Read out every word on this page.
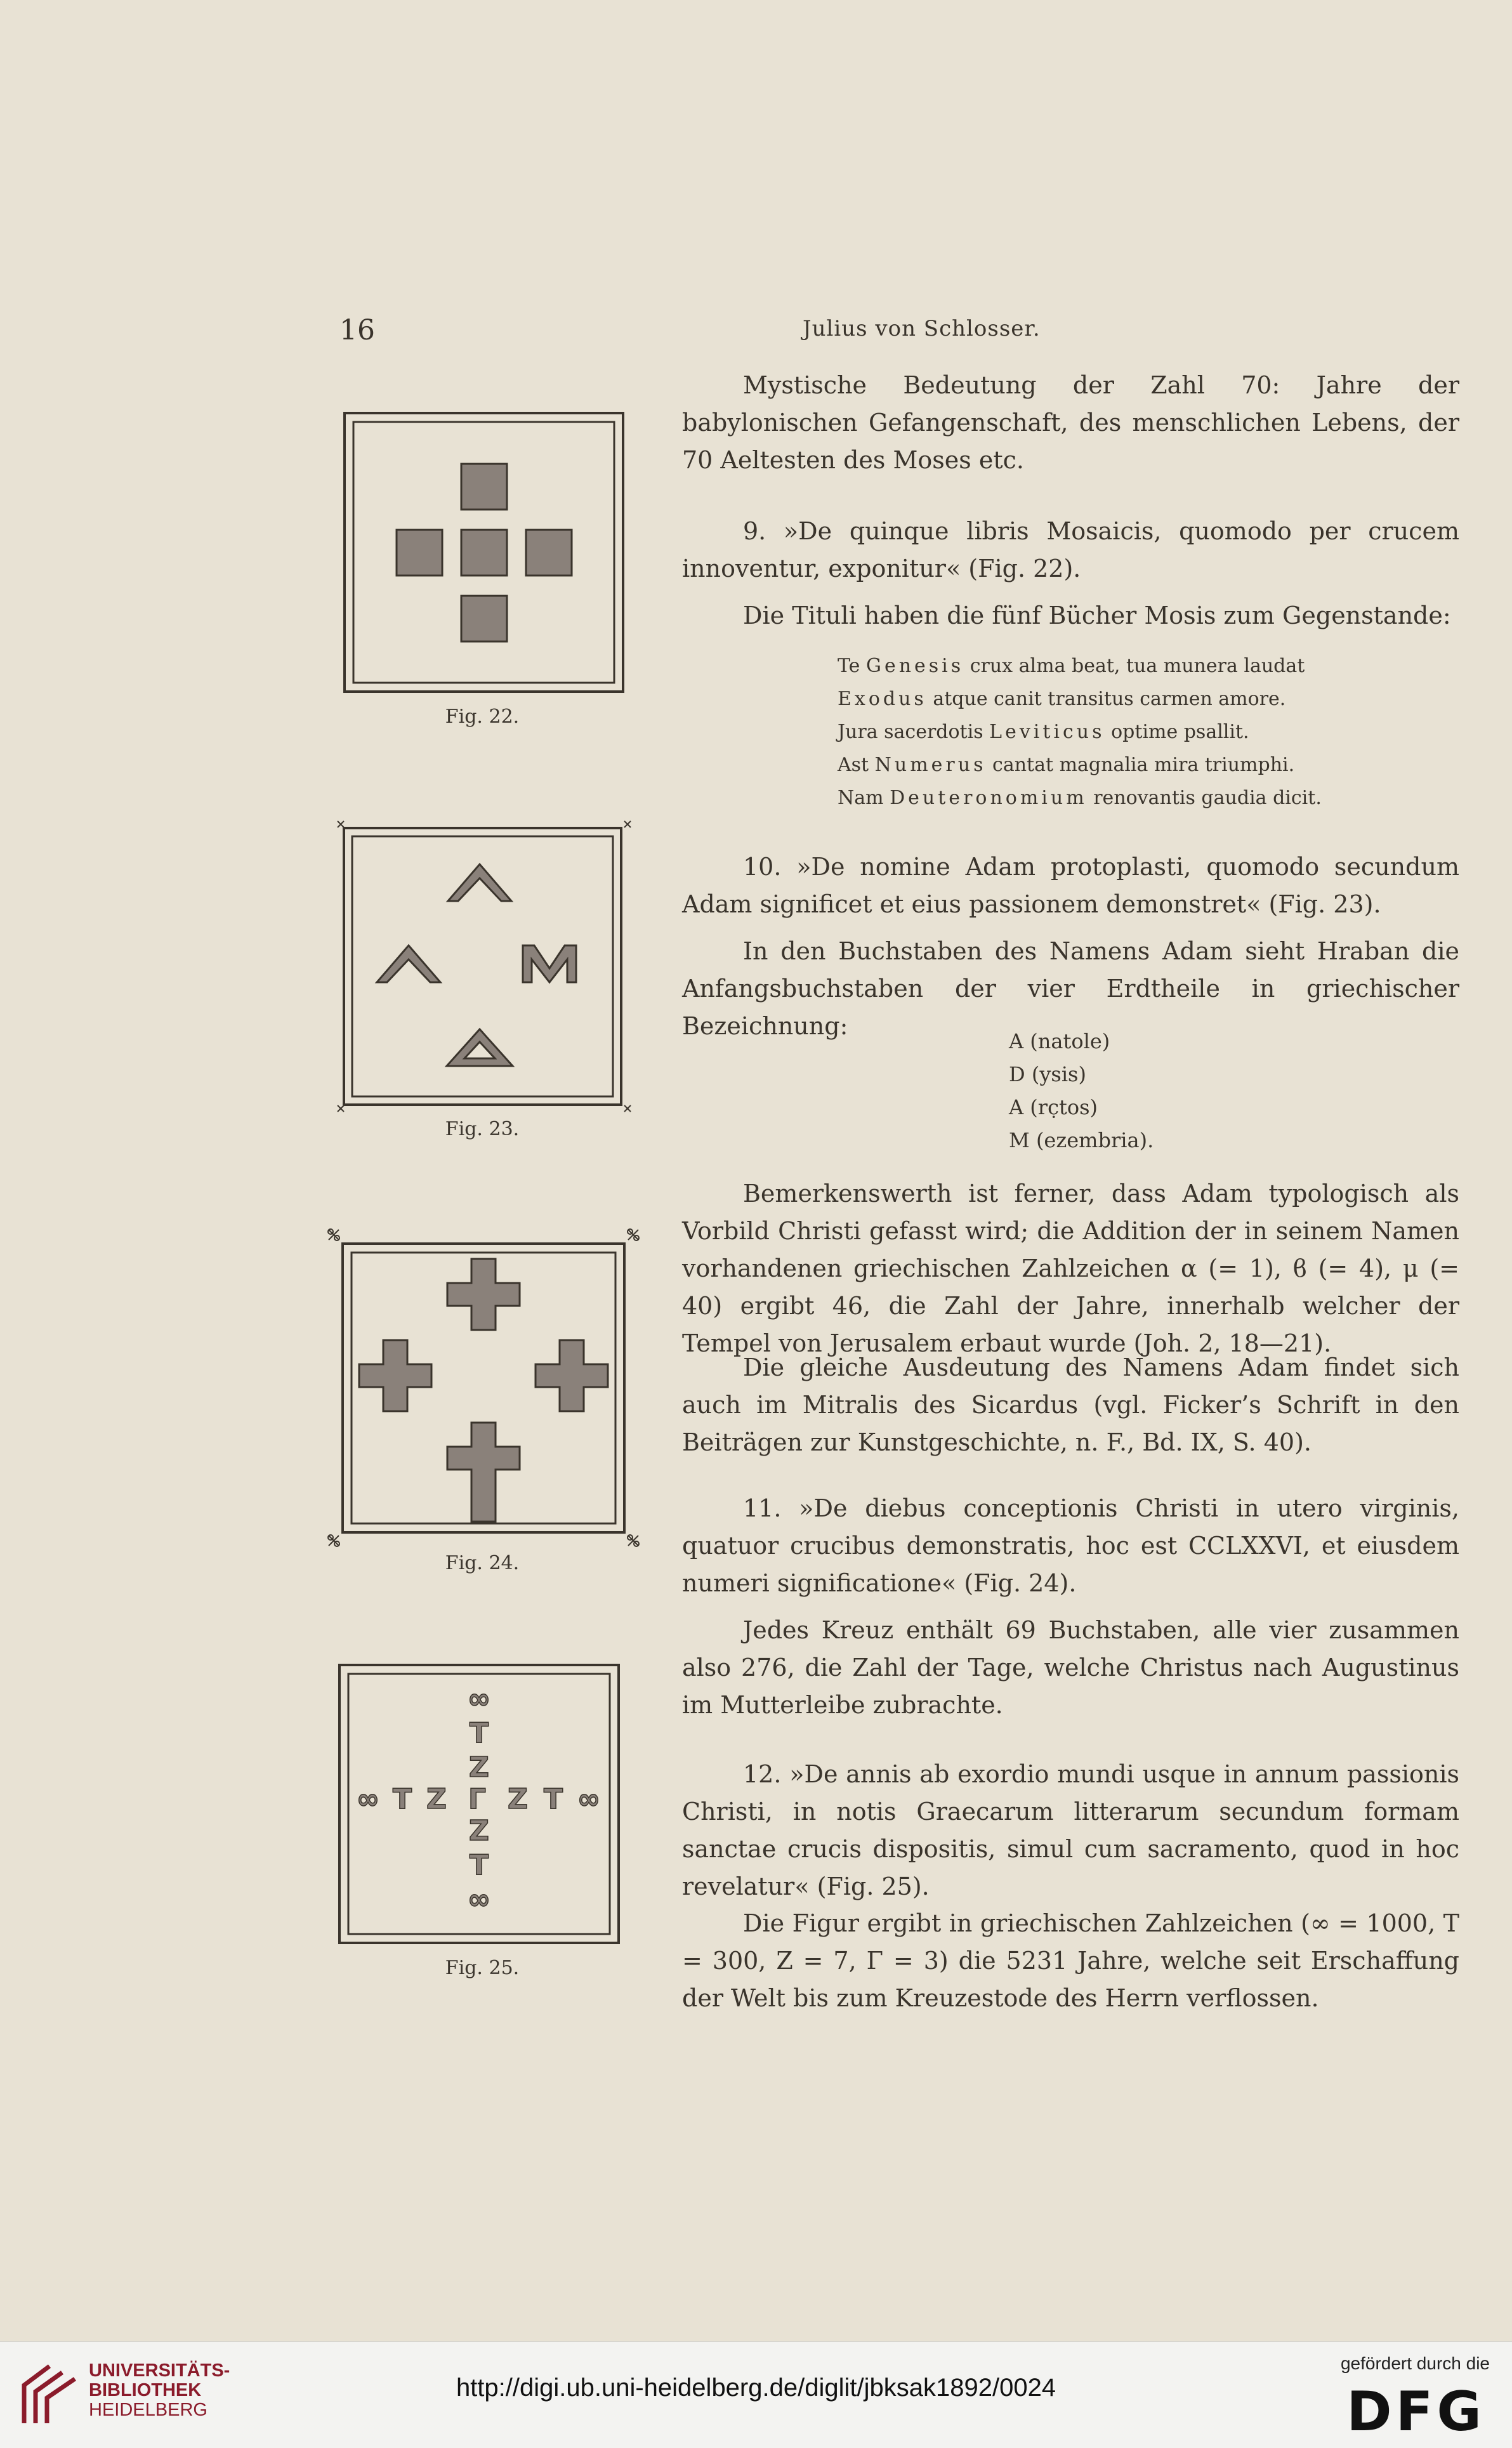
16	Julius von Schlosser.
Fig. 22.
Fig. 23.
Fig. 24.
∞
T
Z
Z
T
∞
∞ T Z Γ Z T ∞
Fig. 25.

Mystische Bedeutung der Zahl 70: Jahre der babylonischen Gefangenschaft, des menschlichen Lebens, der 70 Aeltesten des Moses etc.

9. »De quinque libris Mosaicis, quomodo per crucem innoventur, exponitur« (Fig. 22).

Die Tituli haben die fünf Bücher Mosis zum Gegenstande:

Te Genesis crux alma beat, tua munera laudat
Exodus atque canit transitus carmen amore.
Jura sacerdotis Leviticus optime psallit.
Ast Numerus cantat magnalia mira triumphi.
Nam Deuteronomium renovantis gaudia dicit.

10. »De nomine Adam protoplasti, quomodo secundum Adam significet et eius passionem demonstret« (Fig. 23).

In den Buchstaben des Namens Adam sieht Hraban die Anfangsbuchstaben der vier Erdtheile in griechischer Bezeichnung:

A (natole)
D (ysis)
A (rc̣tos)
M (ezembria).

Bemerkenswerth ist ferner, dass Adam typologisch als Vorbild Christi gefasst wird; die Addition der in seinem Namen vorhandenen griechischen Zahlzeichen α (= 1), ϐ (= 4), μ (= 40) ergibt 46, die Zahl der Jahre, innerhalb welcher der Tempel von Jerusalem erbaut wurde (Joh. 2, 18—21).

Die gleiche Ausdeutung des Namens Adam findet sich auch im Mitralis des Sicardus (vgl. Ficker’s Schrift in den Beiträgen zur Kunstgeschichte, n. F., Bd. IX, S. 40).

11. »De diebus conceptionis Christi in utero virginis, quatuor crucibus demonstratis, hoc est CCLXXVI, et eiusdem numeri significatione« (Fig. 24).

Jedes Kreuz enthält 69 Buchstaben, alle vier zusammen also 276, die Zahl der Tage, welche Christus nach Augustinus im Mutterleibe zubrachte.

12. »De annis ab exordio mundi usque in annum passionis Christi, in notis Graecarum litterarum secundum formam sanctae crucis dispositis, simul cum sacramento, quod in hoc revelatur« (Fig. 25).

Die Figur ergibt in griechischen Zahlzeichen (∞ = 1000, T = 300, Z = 7, Γ = 3) die 5231 Jahre, welche seit Erschaffung der Welt bis zum Kreuzestode des Herrn verflossen.

UNIVERSITÄTS-
BIBLIOTHEK
HEIDELBERG
http://digi.ub.uni-heidelberg.de/diglit/jbksak1892/0024
gefördert durch die
DFG
